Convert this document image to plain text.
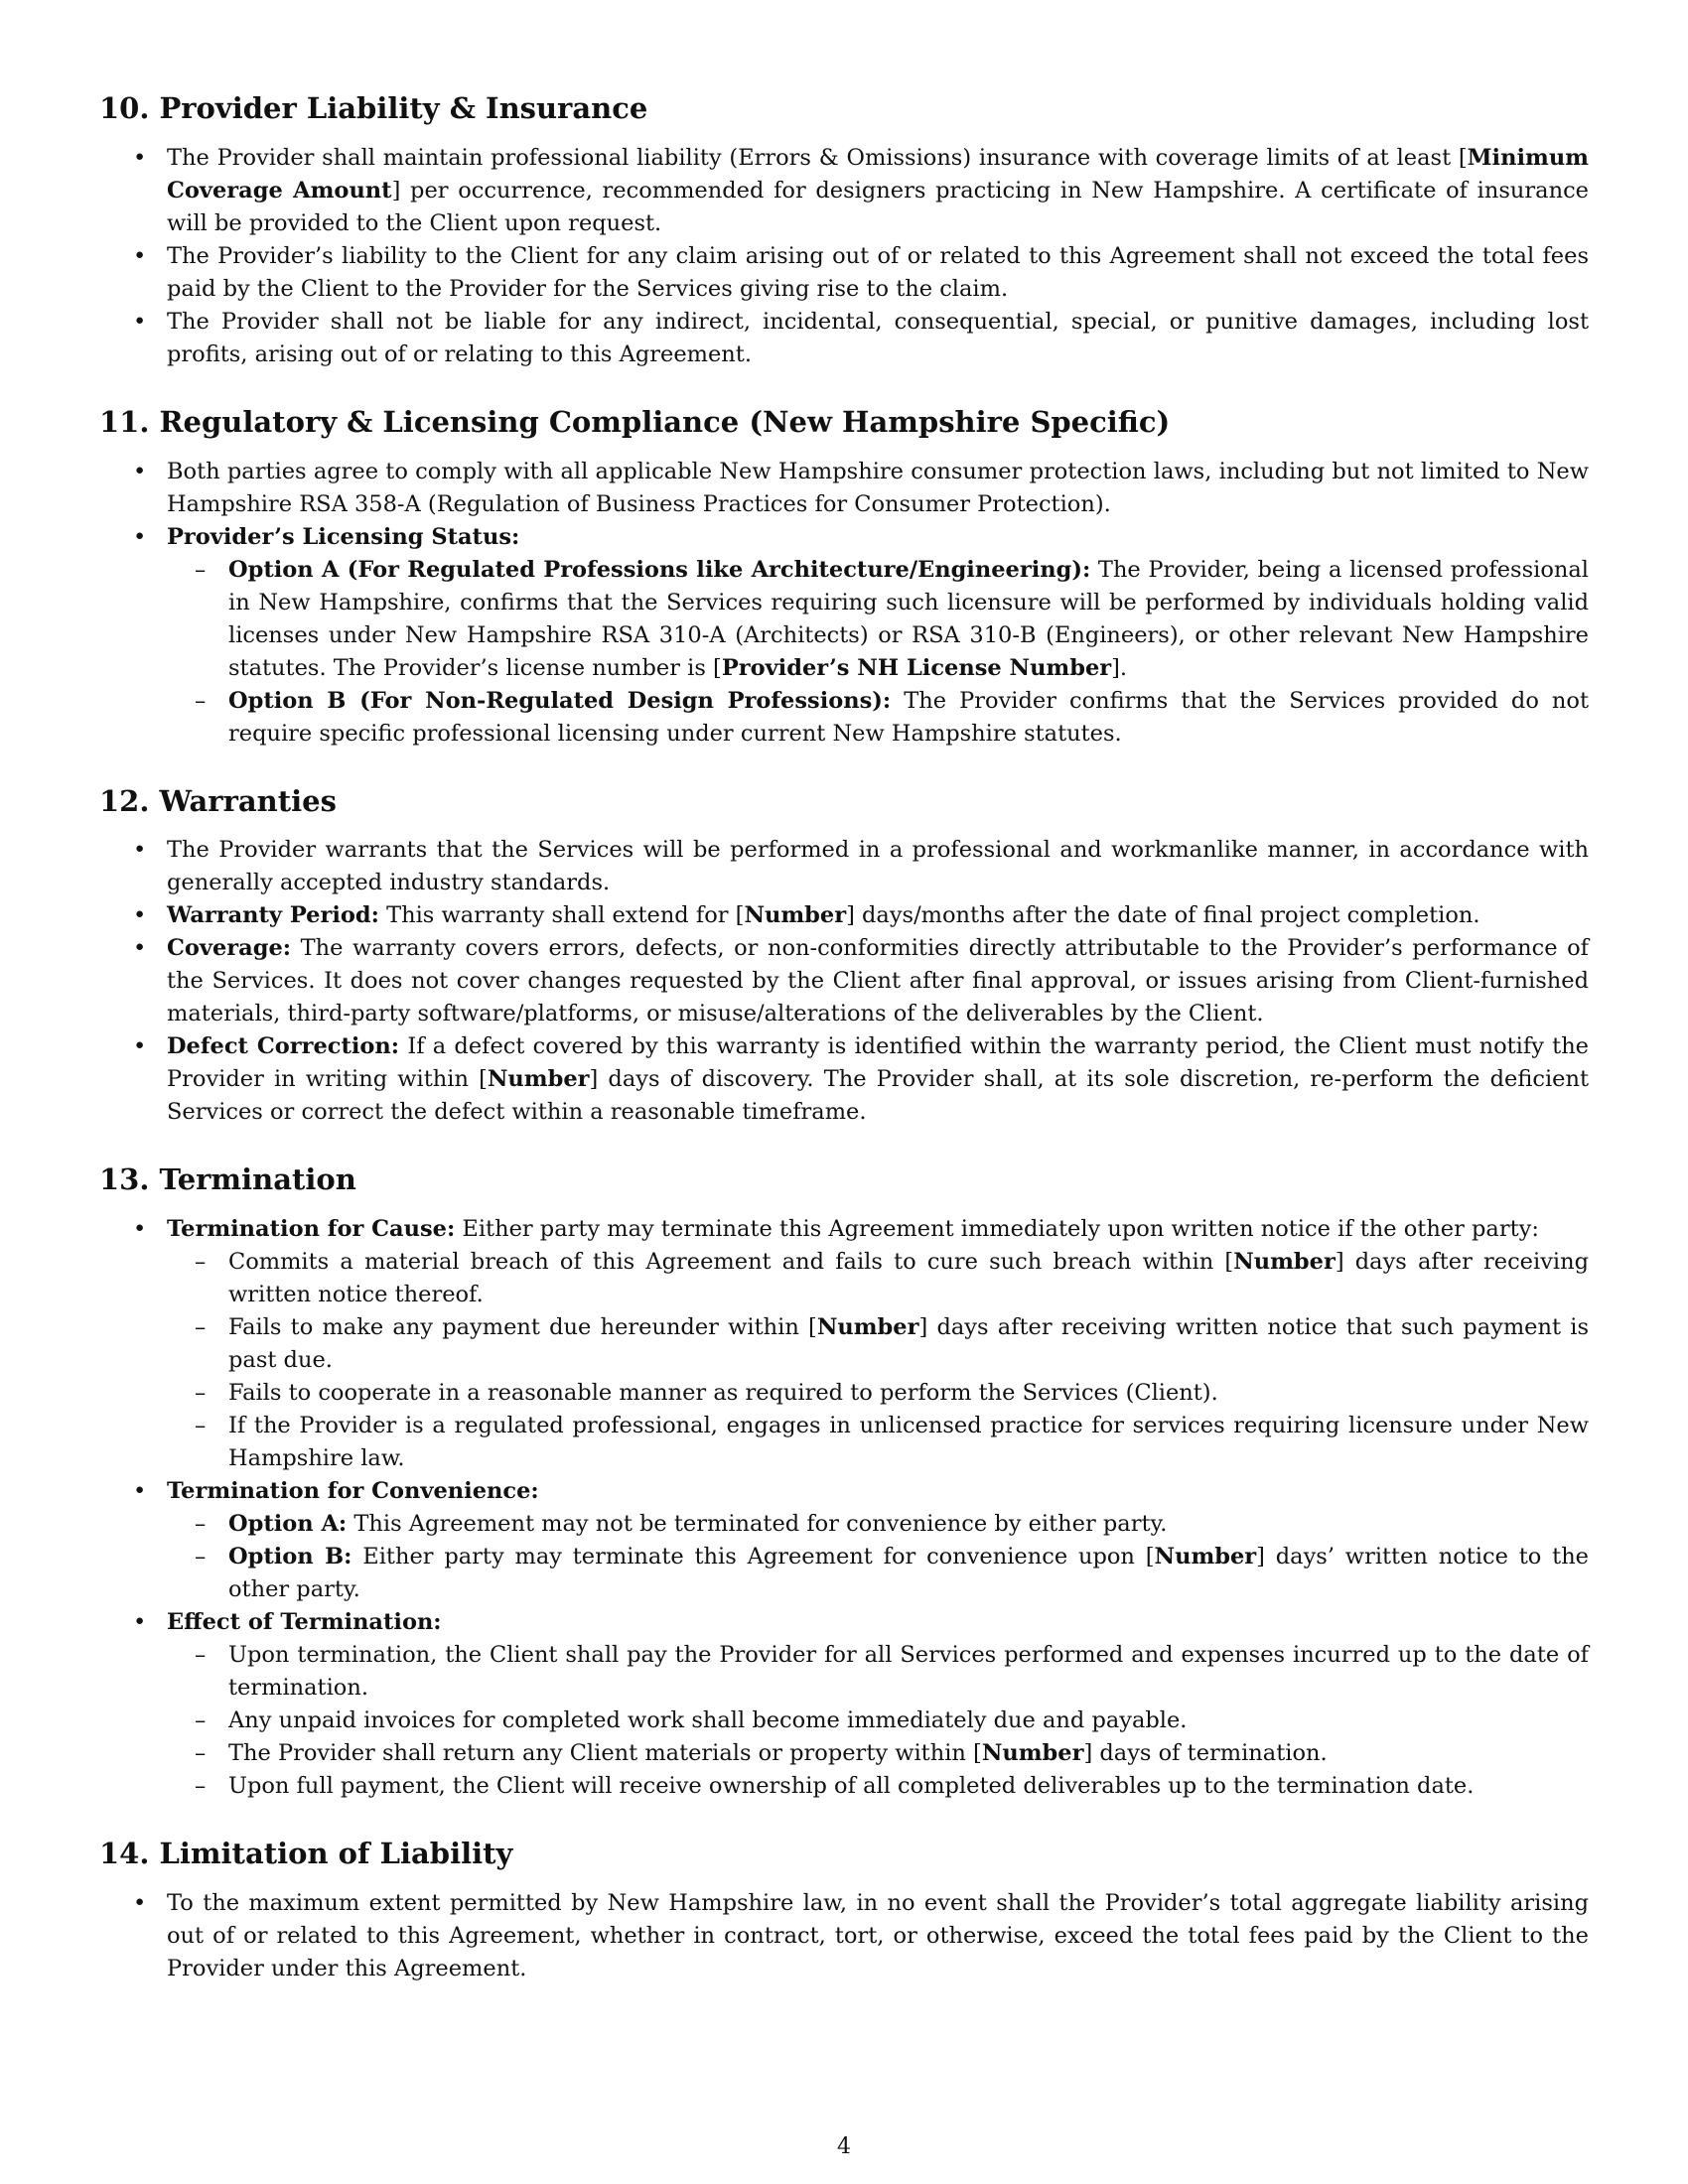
10. Provider Liability & Insurance
• The Provider shall maintain professional liability (Errors & Omissions) insurance with coverage limits of at least [Minimum Coverage Amount] per occurrence, recommended for designers practicing in New Hampshire. A certificate of insurance will be provided to the Client upon request.
• The Provider’s liability to the Client for any claim arising out of or related to this Agreement shall not exceed the total fees paid by the Client to the Provider for the Services giving rise to the claim.
• The Provider shall not be liable for any indirect, incidental, consequential, special, or punitive damages, including lost profits, arising out of or relating to this Agreement.
11. Regulatory & Licensing Compliance (New Hampshire Specific)
• Both parties agree to comply with all applicable New Hampshire consumer protection laws, including but not limited to New Hampshire RSA 358-A (Regulation of Business Practices for Consumer Protection).
• Provider’s Licensing Status:
– Option A (For Regulated Professions like Architecture/Engineering): The Provider, being a licensed professional in New Hampshire, confirms that the Services requiring such licensure will be performed by individuals holding valid licenses under New Hampshire RSA 310-A (Architects) or RSA 310-B (Engineers), or other relevant New Hampshire statutes. The Provider’s license number is [Provider’s NH License Number].
– Option B (For Non-Regulated Design Professions): The Provider confirms that the Services provided do not require specific professional licensing under current New Hampshire statutes.
12. Warranties
• The Provider warrants that the Services will be performed in a professional and workmanlike manner, in accordance with generally accepted industry standards.
• Warranty Period: This warranty shall extend for [Number] days/months after the date of final project completion.
• Coverage: The warranty covers errors, defects, or non-conformities directly attributable to the Provider’s performance of the Services. It does not cover changes requested by the Client after final approval, or issues arising from Client-furnished materials, third-party software/platforms, or misuse/alterations of the deliverables by the Client.
• Defect Correction: If a defect covered by this warranty is identified within the warranty period, the Client must notify the Provider in writing within [Number] days of discovery. The Provider shall, at its sole discretion, re-perform the deficient Services or correct the defect within a reasonable timeframe.
13. Termination
• Termination for Cause: Either party may terminate this Agreement immediately upon written notice if the other party:
– Commits a material breach of this Agreement and fails to cure such breach within [Number] days after receiving written notice thereof.
– Fails to make any payment due hereunder within [Number] days after receiving written notice that such payment is past due.
– Fails to cooperate in a reasonable manner as required to perform the Services (Client).
– If the Provider is a regulated professional, engages in unlicensed practice for services requiring licensure under New Hampshire law.
• Termination for Convenience:
– Option A: This Agreement may not be terminated for convenience by either party.
– Option B: Either party may terminate this Agreement for convenience upon [Number] days’ written notice to the other party.
• Effect of Termination:
– Upon termination, the Client shall pay the Provider for all Services performed and expenses incurred up to the date of termination.
– Any unpaid invoices for completed work shall become immediately due and payable.
– The Provider shall return any Client materials or property within [Number] days of termination.
– Upon full payment, the Client will receive ownership of all completed deliverables up to the termination date.
14. Limitation of Liability
• To the maximum extent permitted by New Hampshire law, in no event shall the Provider’s total aggregate liability arising out of or related to this Agreement, whether in contract, tort, or otherwise, exceed the total fees paid by the Client to the Provider under this Agreement.
4
